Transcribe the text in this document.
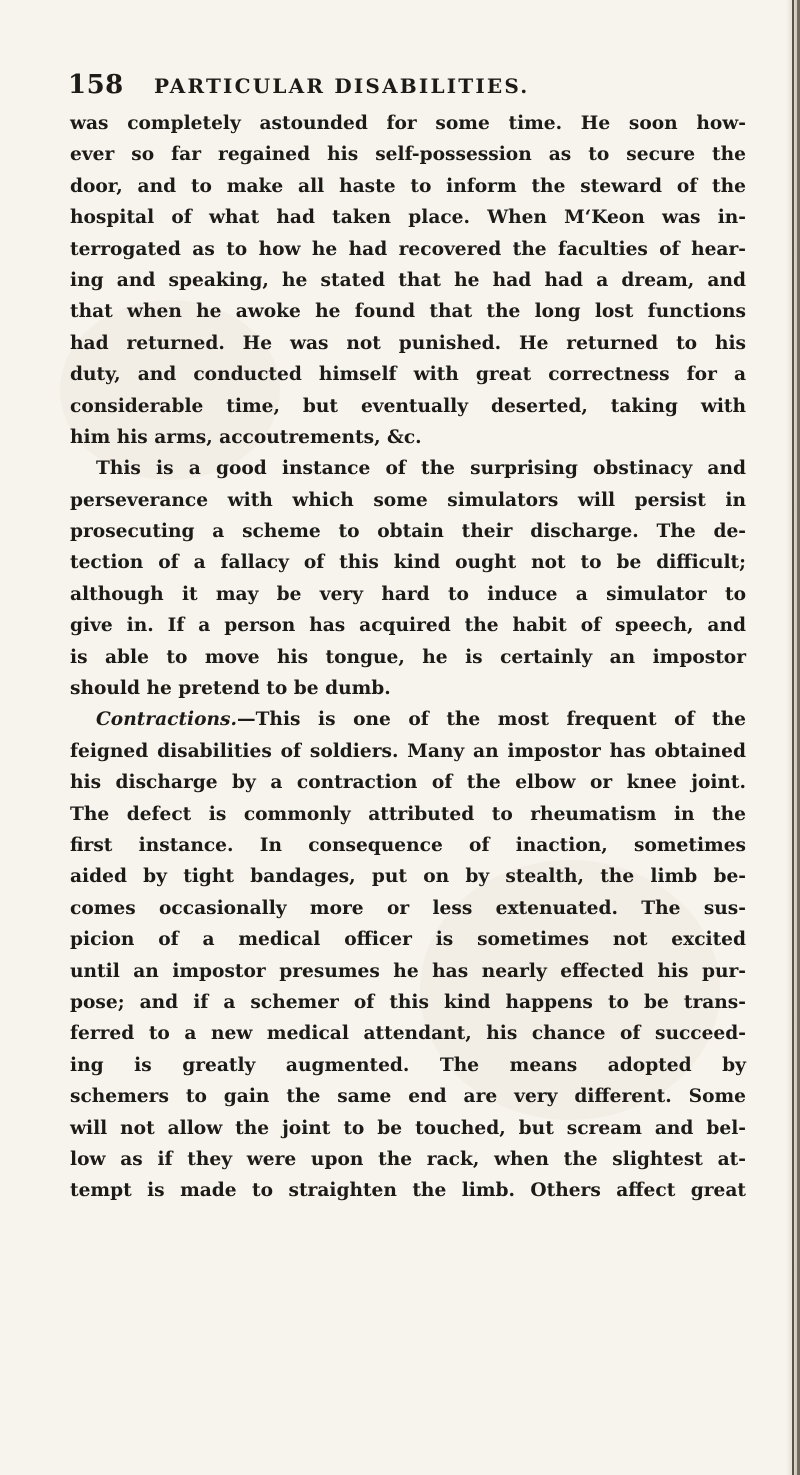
158 PARTICULAR DISABILITIES.
was completely astounded for some time. He soon how-
ever so far regained his self-possession as to secure the
door, and to make all haste to inform the steward of the
hospital of what had taken place. When M‘Keon was in-
terrogated as to how he had recovered the faculties of hear-
ing and speaking, he stated that he had had a dream, and
that when he awoke he found that the long lost functions
had returned. He was not punished. He returned to his
duty, and conducted himself with great correctness for a
considerable time, but eventually deserted, taking with
him his arms, accoutrements, &c.
This is a good instance of the surprising obstinacy and
perseverance with which some simulators will persist in
prosecuting a scheme to obtain their discharge. The de-
tection of a fallacy of this kind ought not to be difficult;
although it may be very hard to induce a simulator to
give in. If a person has acquired the habit of speech, and
is able to move his tongue, he is certainly an impostor
should he pretend to be dumb.
Contractions.—This is one of the most frequent of the
feigned disabilities of soldiers. Many an impostor has obtained
his discharge by a contraction of the elbow or knee joint.
The defect is commonly attributed to rheumatism in the
first instance. In consequence of inaction, sometimes
aided by tight bandages, put on by stealth, the limb be-
comes occasionally more or less extenuated. The sus-
picion of a medical officer is sometimes not excited
until an impostor presumes he has nearly effected his pur-
pose; and if a schemer of this kind happens to be trans-
ferred to a new medical attendant, his chance of succeed-
ing is greatly augmented. The means adopted by
schemers to gain the same end are very different. Some
will not allow the joint to be touched, but scream and bel-
low as if they were upon the rack, when the slightest at-
tempt is made to straighten the limb. Others affect great
